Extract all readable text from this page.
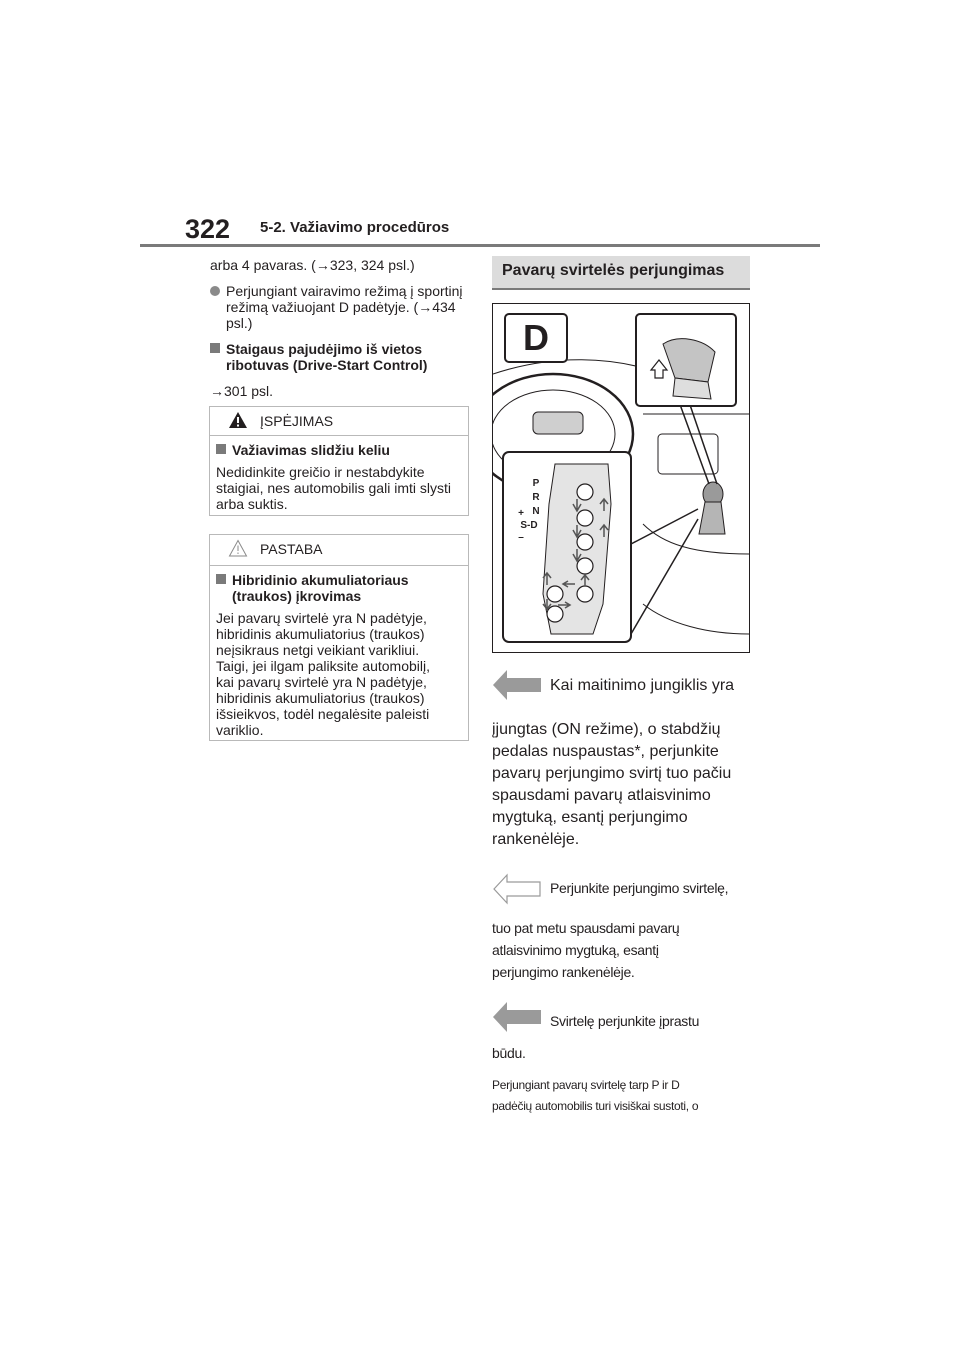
322 5-2. Važiavimo procedūros

arba 4 pavaras. (→323, 324 psl.)

Perjungiant vairavimo režimą į sportinį

režimą važiuojant D padėtyje. (→434

psl.)

Staigaus pajudėjimo iš vietos

ribotuvas (Drive-Start Control)

→301 psl.

ĮSPĖJIMAS

Važiavimas slidžiu keliu

Nedidinkite greičio ir nestabdykite

staigiai, nes automobilis gali imti slysti

arba suktis.

PASTABA

Hibridinio akumuliatoriaus

(traukos) įkrovimas

Jei pavarų svirtelė yra N padėtyje,

hibridinis akumuliatorius (traukos)

neįsikraus netgi veikiant varikliui.

Taigi, jei ilgam paliksite automobilį,

kai pavarų svirtelė yra N padėtyje,

hibridinis akumuliatorius (traukos)

išsieikvos, todėl negalėsite paleisti

variklio.

Pavarų svirtelės perjungimas
D
P
R
N
+
S-D
–
Kai maitinimo jungiklis yra
įjungtas (ON režime), o stabdžių
pedalas nuspaustas*, perjunkite
pavarų perjungimo svirtį tuo pačiu
spausdami pavarų atlaisvinimo
mygtuką, esantį perjungimo
rankenėlėje.
Perjunkite perjungimo svirtelę,
tuo pat metu spausdami pavarų
atlaisvinimo mygtuką, esantį
perjungimo rankenėlėje.
Svirtelę perjunkite įprastu
būdu.
Perjungiant pavarų svirtelę tarp P ir D
padėčių automobilis turi visiškai sustoti, o
